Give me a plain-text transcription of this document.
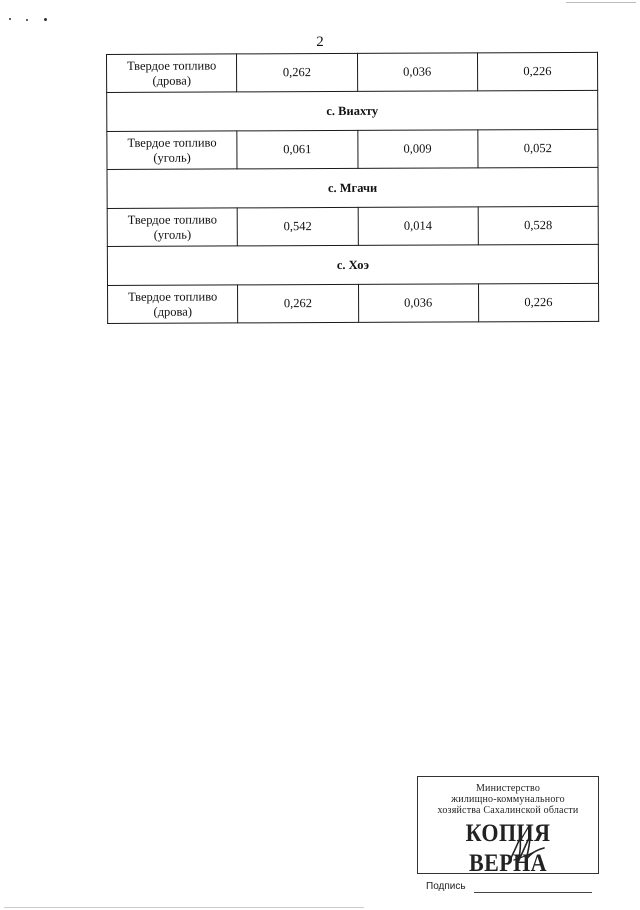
2
Твердое топливо
(дрова)	0,262	0,036	0,226
с. Виахту			

Твердое топливо
(уголь)	0,061	0,009	0,052
с. Мгачи			

Твердое топливо
(уголь)	0,542	0,014	0,528
с. Хоэ			

Твердое топливо
(дрова)	0,262	0,036	0,226
Министерство
жилищно-коммунального
хозяйства Сахалинской области
КОПИЯ ВЕРНА
Подпись
